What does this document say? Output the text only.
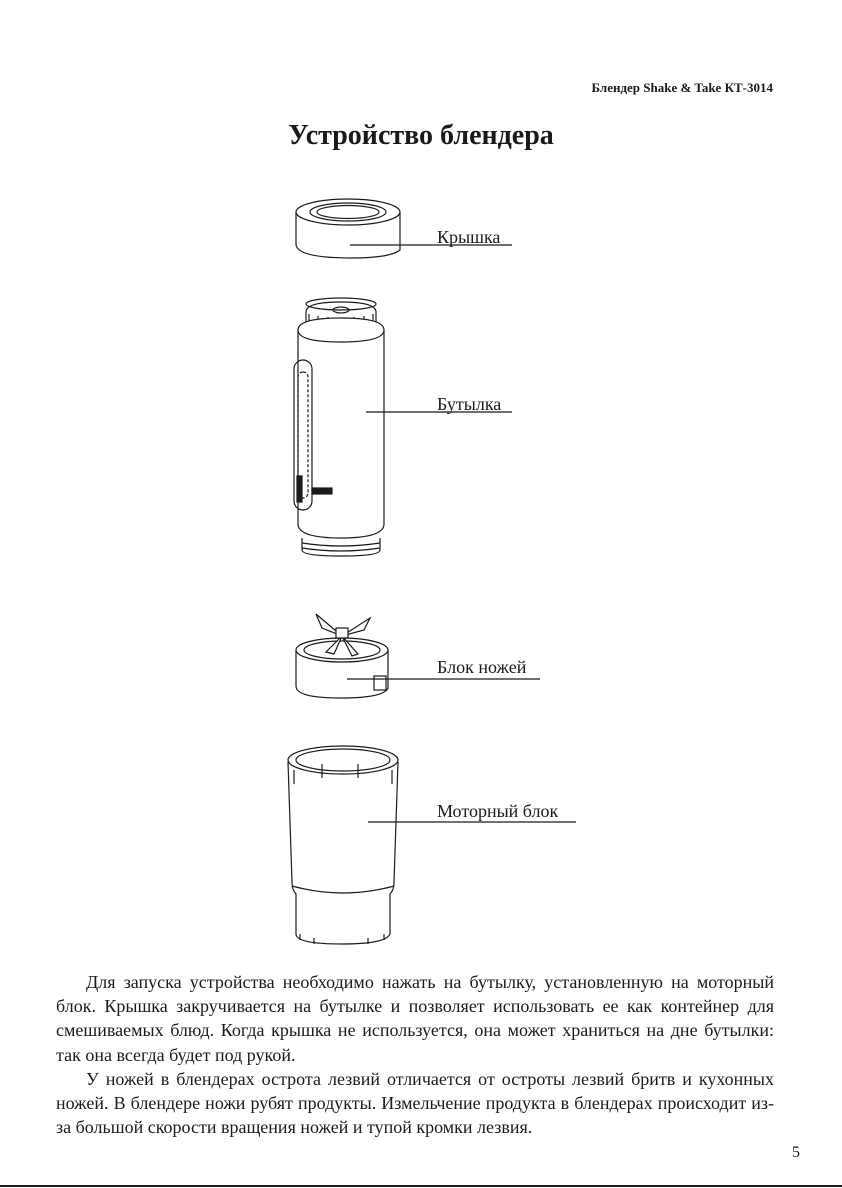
Блендер Shake & Take КТ-3014
Устройство блендера
Крышка
Бутылка
Блок ножей
Моторный блок

Для запуска устройства необходимо нажать на бутылку, установленную на моторный блок. Крышка закручивается на бутылке и позволяет использовать ее как контейнер для смешиваемых блюд. Когда крышка не используется, она может храниться на дне бутылки: так она всегда будет под рукой.

У ножей в блендерах острота лезвий отличается от остроты лезвий бритв и кухонных ножей. В блендере ножи рубят продукты. Измельчение продукта в блендерах происходит из-за большой скорости вращения ножей и тупой кромки лезвия.

5
